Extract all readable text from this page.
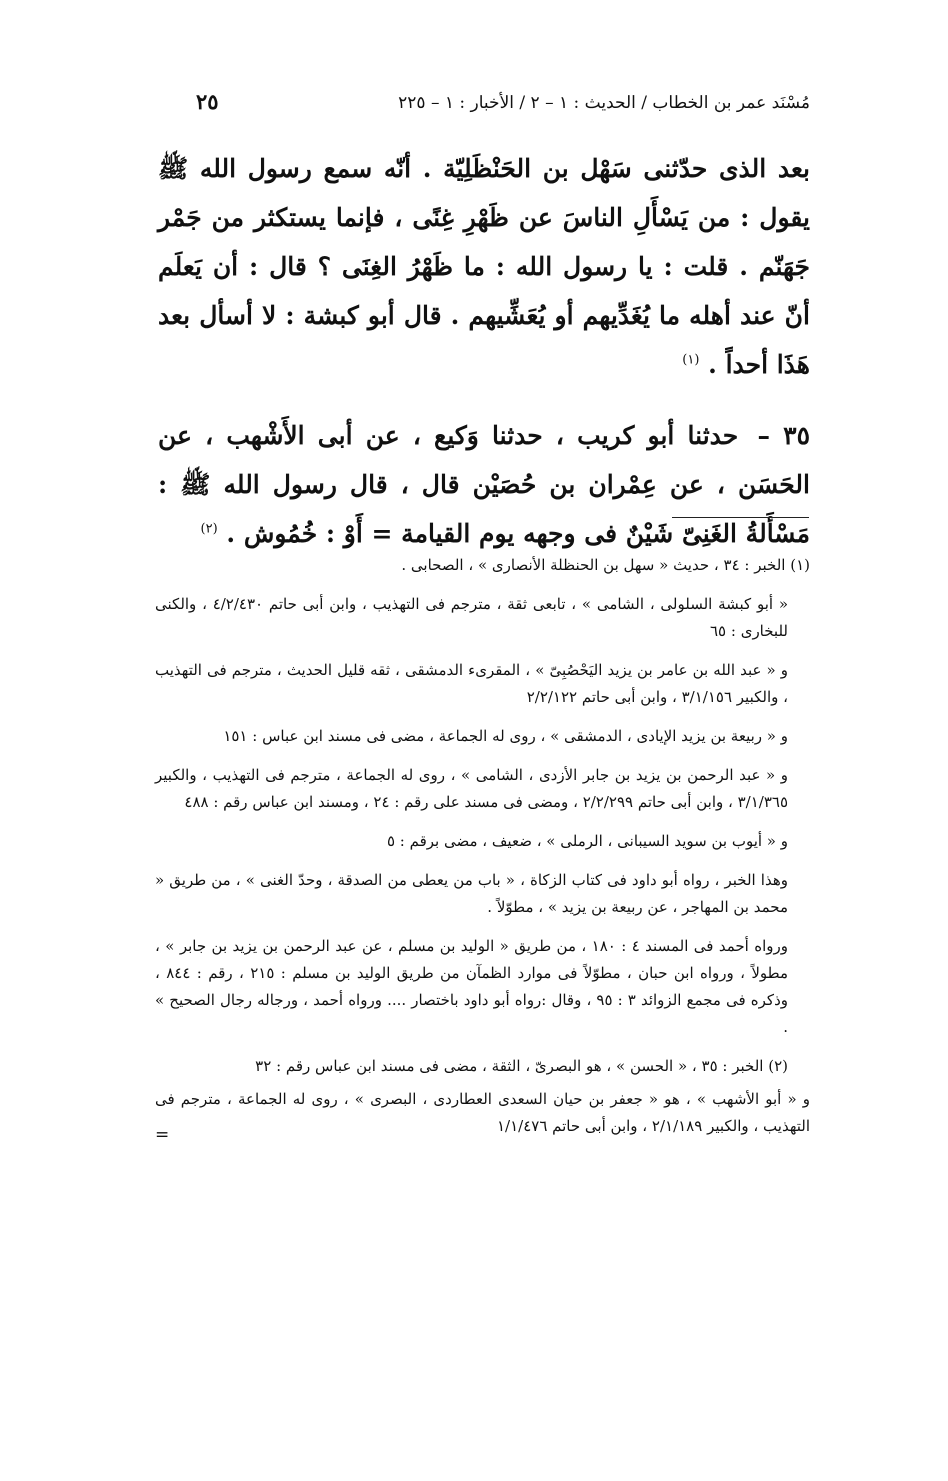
مُسْنَد عمر بن الخطاب / الحديث : ١ – ٢ / الأخبار : ١ – ٢٢٥
٢٥

بعد الذى حدّثنى سَهْل بن الحَنْظَلِيّة . أنّه سمع رسول الله ﷺ يقول : من يَسْأَلِ الناسَ عن ظَهْرِ غِنًى ، فإنما يستكثر من جَمْر جَهَنّم . قلت : يا رسول الله : ما ظَهْرُ الغِنَى ؟ قال : أن يَعلَم أنّ عند أهله ما يُغَدِّيهم أو يُعَشِّيهم . قال أبو كبشة : لا أسأل بعد هَذَا أحداً . $^{(١)}$

٣٥ – حدثنا أبو كريب ، حدثنا وَكيع ، عن أبى الأَشْهب ، عن الحَسَن ، عن عِمْران بن حُصَيْن قال ، قال رسول الله ﷺ : مَسْأَلةُ الغَنِىّ شَيْنٌ فى وجهه يوم القيامة = أَوْ : خُمُوش . $^{(٢)}$

(١) الخبر : ٣٤ ، حديث « سهل بن الحنظلة الأنصارى » ، الصحابى .

« أبو كبشة السلولى ، الشامى » ، تابعى ثقة ، مترجم فى التهذيب ، وابن أبى حاتم ٤/٢/٤٣٠ ، والكنى للبخارى : ٦٥

و « عبد الله بن عامر بن يزيد اليَحْصُبِىّ » ، المقرىء الدمشقى ، ثقه قليل الحديث ، مترجم فى التهذيب ، والكبير ٣/١/١٥٦ ، وابن أبى حاتم ٢/٢/١٢٢

و « ربيعة بن يزيد الإيادى ، الدمشقى » ، روى له الجماعة ، مضى فى مسند ابن عباس : ١٥١

و « عبد الرحمن بن يزيد بن جابر الأزدى ، الشامى » ، روى له الجماعة ، مترجم فى التهذيب ، والكبير ٣/١/٣٦٥ ، وابن أبى حاتم ٢/٢/٢٩٩ ، ومضى فى مسند على رقم : ٢٤ ، ومسند ابن عباس رقم : ٤٨٨

و « أيوب بن سويد السيبانى ، الرملى » ، ضعيف ، مضى برقم : ٥

وهذا الخبر ، رواه أبو داود فى كتاب الزكاة ، « باب من يعطى من الصدقة ، وحدّ الغنى » ، من طريق « محمد بن المهاجر ، عن ربيعة بن يزيد » ، مطوّلاً .

ورواه أحمد فى المسند ٤ : ١٨٠ ، من طريق « الوليد بن مسلم ، عن عبد الرحمن بن يزيد بن جابر » ، مطولاً ، ورواه ابن حبان ، مطوّلاً فى موارد الظمآن من طريق الوليد بن مسلم : ٢١٥ ، رقم : ٨٤٤ ، وذكره فى مجمع الزوائد ٣ : ٩٥ ، وقال :رواه أبو داود باختصار .... ورواه أحمد ، ورجاله رجال الصحيح » .

(٢) الخبر : ٣٥ ، « الحسن » ، هو البصرىّ ، الثقة ، مضى فى مسند ابن عباس رقم : ٣٢

و « أبو الأشهب » ، هو « جعفر بن حيان السعدى العطاردى ، البصرى » ، روى له الجماعة ، مترجم فى التهذيب ، والكبير ٢/١/١٨٩ ، وابن أبى حاتم ١/١/٤٧٦

=
